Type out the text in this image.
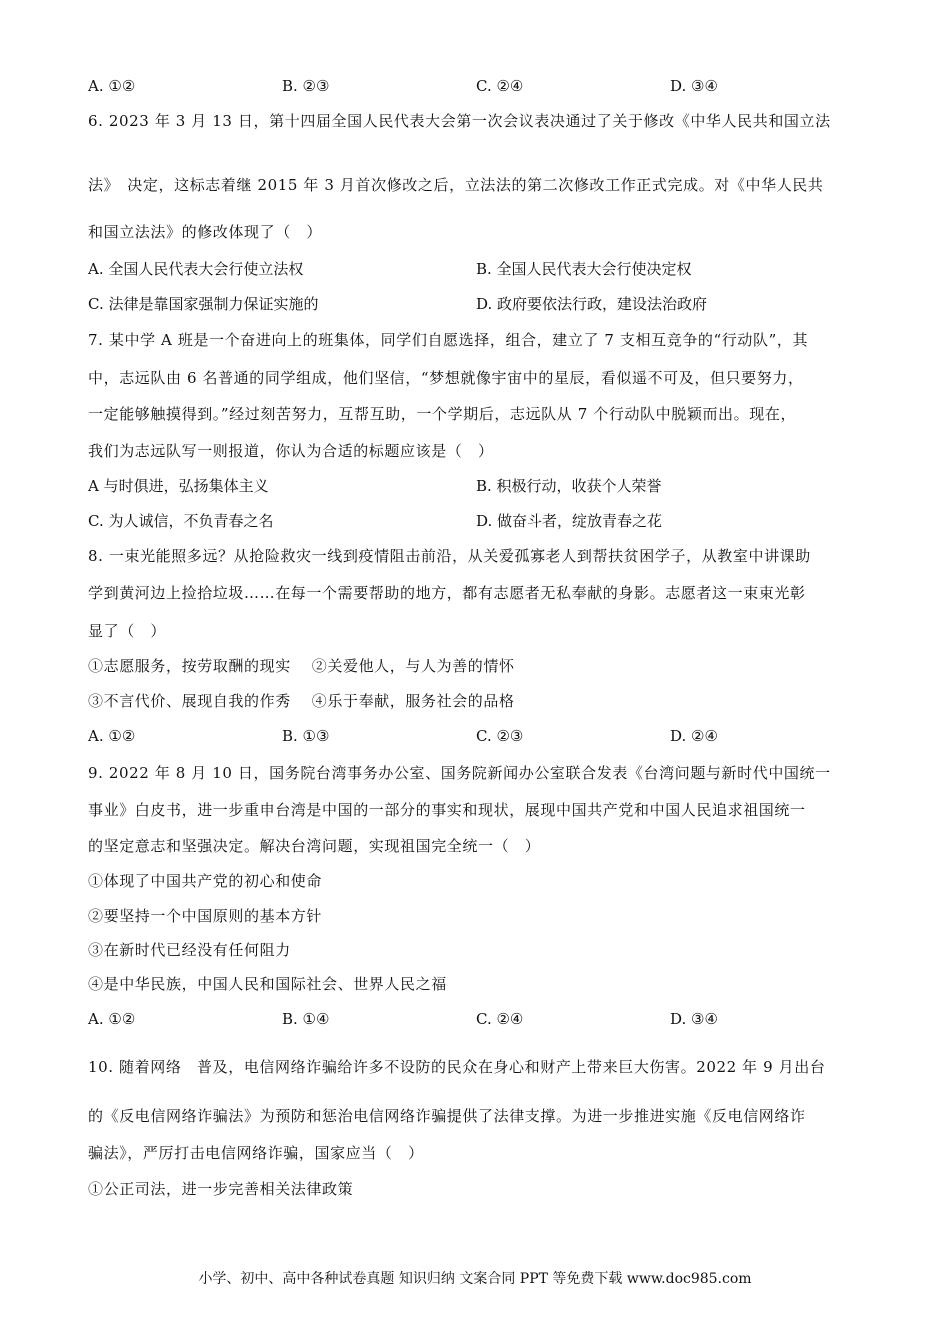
A. ①②	B. ②③	C. ②④	D. ③④
6. 2023 年 3 月 13 日，第十四届全国人民代表大会第一次会议表决通过了关于修改《中华人民共和国立法
法》　决定，这标志着继 2015 年 3 月首次修改之后，立法法的第二次修改工作正式完成。对《中华人民共
和国立法法》的修改体现了（　）
A. 全国人民代表大会行使立法权	B. 全国人民代表大会行使决定权
C. 法律是靠国家强制力保证实施的	D. 政府要依法行政，建设法治政府
7. 某中学 A 班是一个奋进向上的班集体，同学们自愿选择，组合，建立了 7 支相互竞争的“行动队”，其
中，志远队由 6 名普通的同学组成，他们坚信，“梦想就像宇宙中的星辰，看似遥不可及，但只要努力，
一定能够触摸得到。”经过刻苦努力，互帮互助，一个学期后，志远队从 7 个行动队中脱颖而出。现在，
我们为志远队写一则报道，你认为合适的标题应该是（　）
A 与时俱进，弘扬集体主义	B. 积极行动，收获个人荣誉
C. 为人诚信，不负青春之名	D. 做奋斗者，绽放青春之花
8. 一束光能照多远？从抢险救灾一线到疫情阻击前沿，从关爱孤寡老人到帮扶贫困学子，从教室中讲课助
学到黄河边上捡拾垃圾……在每一个需要帮助的地方，都有志愿者无私奉献的身影。志愿者这一束束光彰
显了（　）
①志愿服务，按劳取酬的现实　 ②关爱他人，与人为善的情怀
③不言代价、展现自我的作秀　 ④乐于奉献，服务社会的品格
A. ①②	B. ①③	C. ②③	D. ②④
9. 2022 年 8 月 10 日，国务院台湾事务办公室、国务院新闻办公室联合发表《台湾问题与新时代中国统一
事业》白皮书，进一步重申台湾是中国的一部分的事实和现状，展现中国共产党和中国人民追求祖国统一
的坚定意志和坚强决定。解决台湾问题，实现祖国完全统一（　）
①体现了中国共产党的初心和使命
②要坚持一个中国原则的基本方针
③在新时代已经没有任何阻力
④是中华民族，中国人民和国际社会、世界人民之福
A. ①②	B. ①④	C. ②④	D. ③④
10. 随着网络　普及，电信网络诈骗给许多不设防的民众在身心和财产上带来巨大伤害。2022 年 9 月出台
的《反电信网络诈骗法》为预防和惩治电信网络诈骗提供了法律支撑。为进一步推进实施《反电信网络诈
骗法》，严厉打击电信网络诈骗，国家应当（　）
①公正司法，进一步完善相关法律政策
小学、初中、高中各种试卷真题 知识归纳 文案合同 PPT 等免费下载 www.doc985.com
